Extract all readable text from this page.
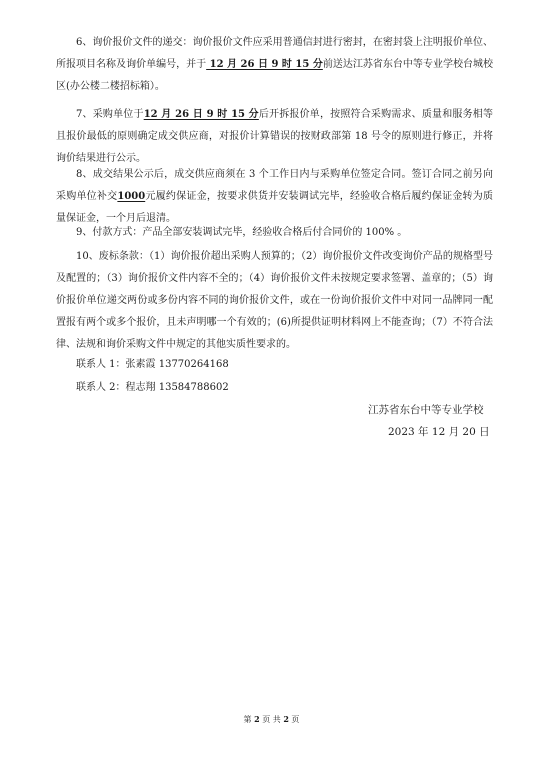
6、询价报价文件的递交：询价报价文件应采用普通信封进行密封，在密封袋上注明报价单位、所报项目名称及询价单编号，并于 12 月 26 日 9 时 15 分前送达江苏省东台中等专业学校台城校区(办公楼二楼招标箱）。

7、采购单位于12 月 26 日 9 时 15 分后开拆报价单，按照符合采购需求、质量和服务相等且报价最低的原则确定成交供应商，对报价计算错误的按财政部第 18 号令的原则进行修正，并将询价结果进行公示。

8、成交结果公示后，成交供应商须在 3 个工作日内与采购单位签定合同。签订合同之前另向采购单位补交1000元履约保证金，按要求供货并安装调试完毕，经验收合格后履约保证金转为质量保证金，一个月后退清。

9、付款方式：产品全部安装调试完毕，经验收合格后付合同价的 100% 。

10、废标条款：（1）询价报价超出采购人预算的；（2）询价报价文件改变询价产品的规格型号及配置的；（3）询价报价文件内容不全的；（4）询价报价文件未按规定要求签署、盖章的；（5）询价报价单位递交两份或多份内容不同的询价报价文件，或在一份询价报价文件中对同一品牌同一配置报有两个或多个报价，且未声明哪一个有效的；(6)所提供证明材料网上不能查询；（7）不符合法律、法规和询价采购文件中规定的其他实质性要求的。

联系人 1：张素霞 13770264168
联系人 2：程志翔 13584788602
江苏省东台中等专业学校
2023 年 12 月 20 日
第 2 页 共 2 页
